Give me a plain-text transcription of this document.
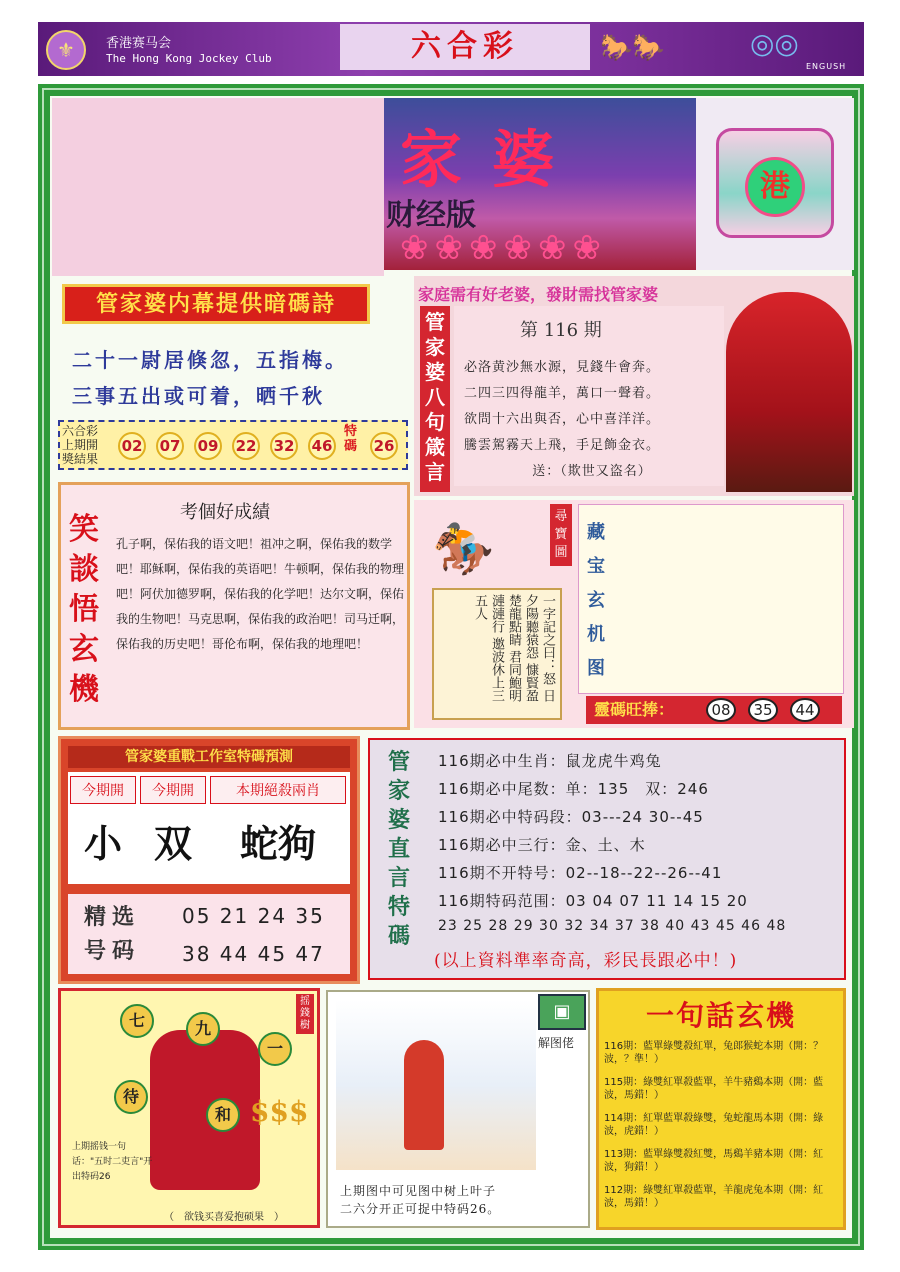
⚜	香港赛马会
The Hong Kong Jockey Club	六合彩	🐎🐎	◎◎
ENGUSH
家婆
财经版
❀❀❀❀❀❀
港
管家婆内幕提供暗碼詩
二十一尉居倏忽，五指梅。
三事五出或可着，晒千秋
六合彩
上期開
獎結果
02 07 09 22 32 46
特碼	26
家庭需有好老婆，發財需找管家婆
管
家
婆
八
句
箴
言
第 116 期
必洛黄沙無水源，見錢牛會奔。
二四三四得龍羊，萬口一聲着。
欲問十六出與否，心中喜洋洋。
騰雲駕霧天上飛，手足飾金衣。
送：（欺世又盗名）
笑
談
悟
玄
機
考個好成績
孔子啊，保佑我的语文吧！祖冲之啊，保佑我的数学吧！耶稣啊，保佑我的英语吧！牛顿啊，保佑我的物理吧！阿伏加德罗啊，保佑我的化学吧！达尔文啊，保佑我的生物吧！马克思啊，保佑我的政治吧！司马迁啊，保佑我的历史吧！哥伦布啊，保佑我的地理吧！
🏇
一字記之曰：怒 日夕陽聽猿怨 慷賢盈楚龍點睛 君同鮑明漣漣行 邀波休上三五人
尋
寶
圖
藏
宝
玄
机
图
靈碼旺捧：	08	35	44
管家婆重戰工作室特碼預測
今期開	今期開	本期絕殺兩肖
小 双	蛇狗
精选号码
05 21 24 35
38 44 45 47
管
家
婆
直
言
特
碼
116期必中生肖：鼠龙虎牛鸡兔
116期必中尾数：单：135　双：246
116期必中特码段：03---24 30--45
116期必中三行：金、土、木
116期不开特号：02--18--22--26--41
116期特码范围：03 04 07 11 14 15 20
23 25 28 29 30 32 34 37 38 40 43 45 46 48
(以上資料準率奇高，彩民長跟必中！)
七	九
一
待
和 $$$
摇
錢
樹
上期摇钱一句话："五时二吏言"开出特码26
（　欲钱买喜爱抱硕果　）
▣
解图佬
上期图中可见图中树上叶子
二六分开正可捉中特码26。
一句話玄機
116期：藍單綠雙殺紅單，兔郎猴蛇本期（開：？波，？準！）
115期：綠雙紅單殺藍單，羊牛豬鷄本期（開：藍波，馬錯！）
114期：紅單藍單殺綠雙，兔蛇龍馬本期（開：綠波，虎錯！）
113期：藍單綠雙殺紅雙，馬鷄羊豬本期（開：紅波，狗錯！）
112期：綠雙紅單殺藍單，羊龍虎兔本期（開：紅波，馬錯！）
